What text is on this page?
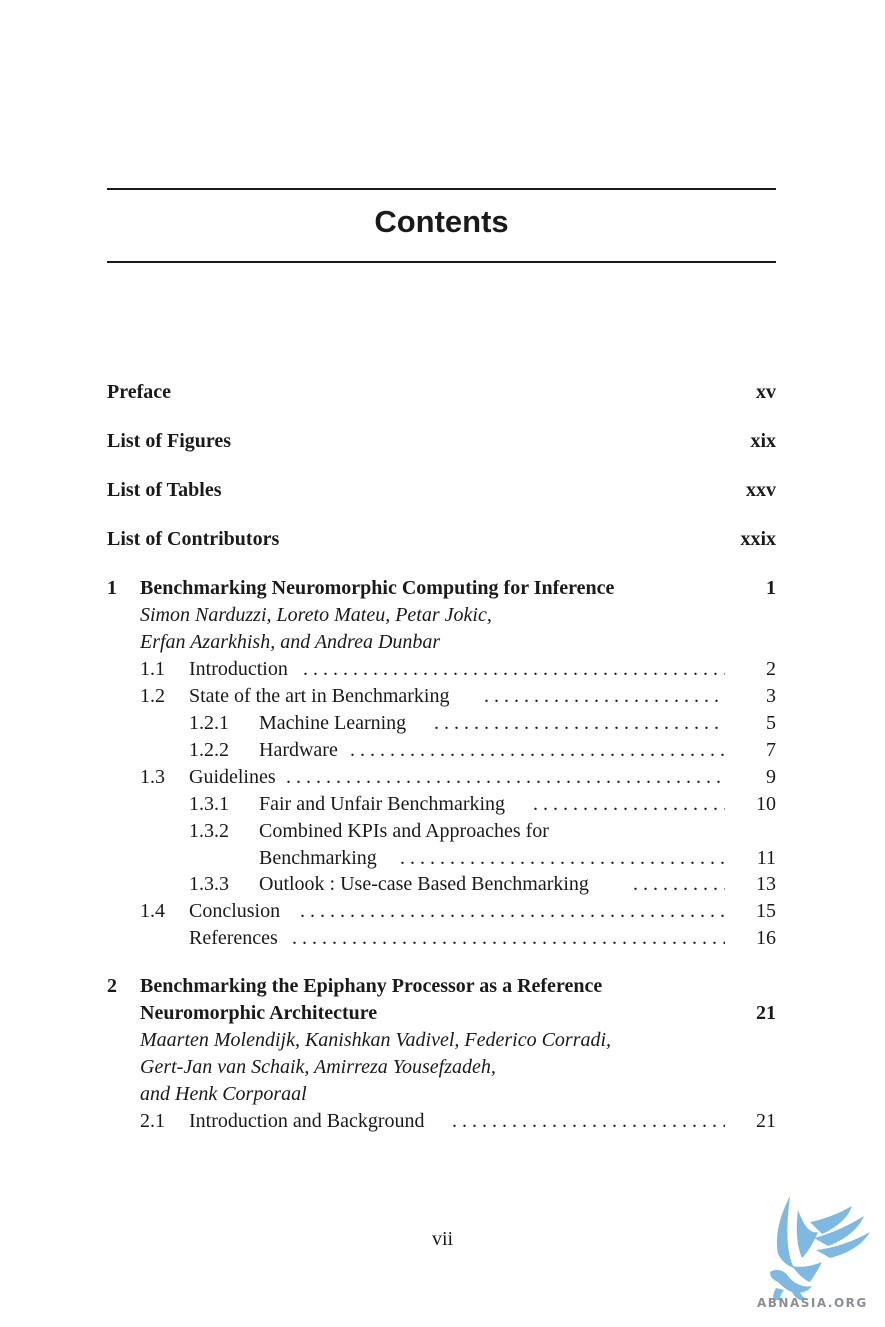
Contents
Preface	xv
List of Figures	xix
List of Tables	xxv
List of Contributors	xxix
1 Benchmarking Neuromorphic Computing for Inference	1
Simon Narduzzi, Loreto Mateu, Petar Jokic,
Erfan Azarkhish, and Andrea Dunbar
1.1 Introduction . . .	2
1.2 State of the art in Benchmarking . . .	3
1.2.1 Machine Learning . . .	5
1.2.2 Hardware . . .	7
1.3 Guidelines . . .	9
1.3.1 Fair and Unfair Benchmarking . . .	10
1.3.2 Combined KPIs and Approaches for
Benchmarking . . .	11
1.3.3 Outlook : Use-case Based Benchmarking . . .	13
1.4 Conclusion . . .	15
References . . .	16
2 Benchmarking the Epiphany Processor as a Reference
Neuromorphic Architecture	21
Maarten Molendijk, Kanishkan Vadivel, Federico Corradi,
Gert-Jan van Schaik, Amirreza Yousefzadeh,
and Henk Corporaal
2.1 Introduction and Background . . .	21
vii
ABNASIA.ORG
